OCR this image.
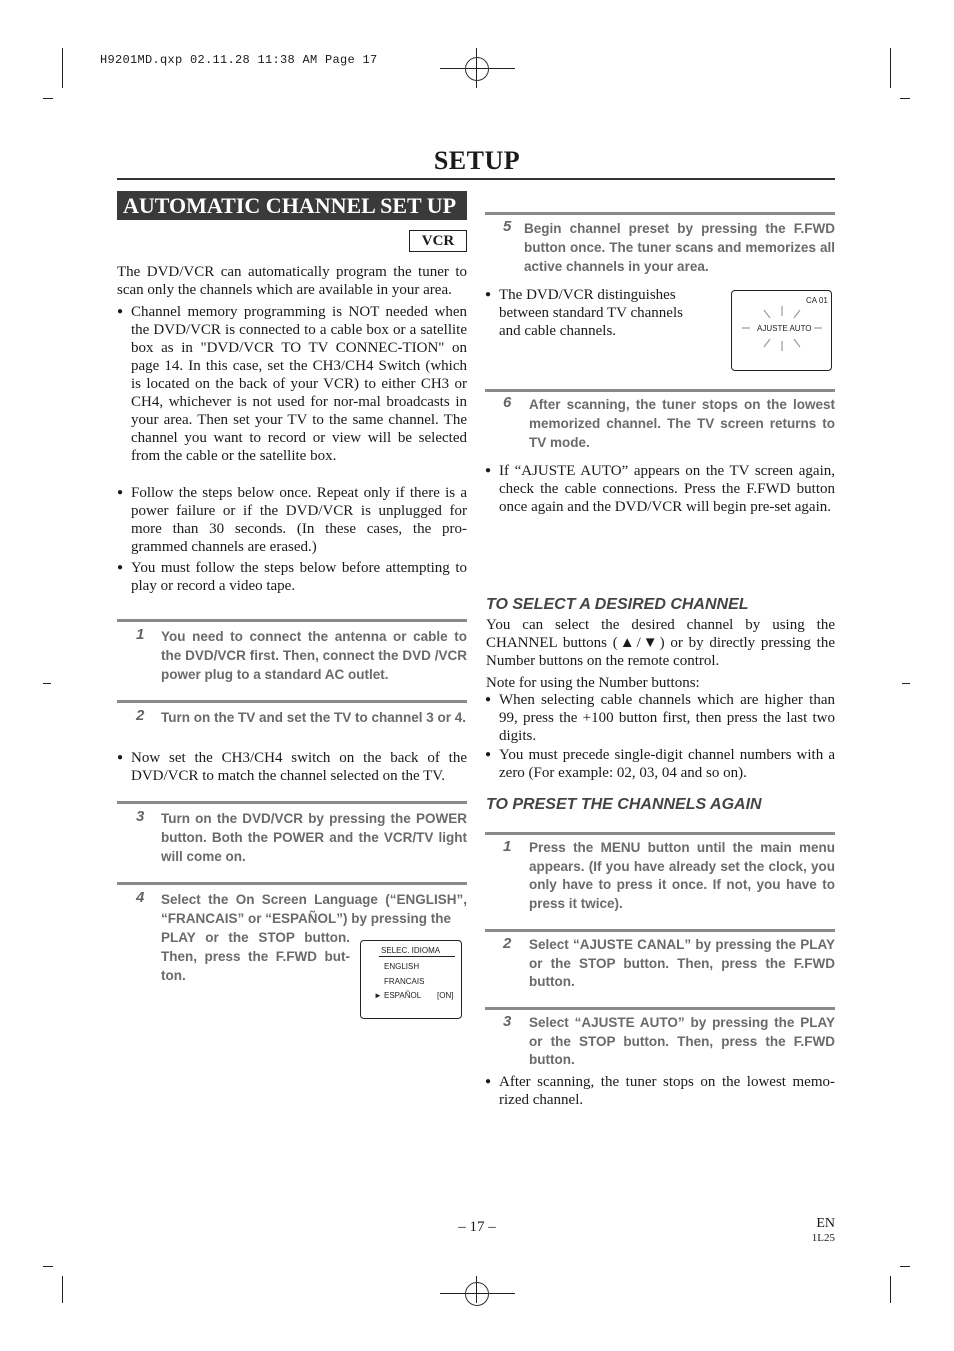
H9201MD.qxp 02.11.28 11:38 AM Page 17
SETUP
AUTOMATIC CHANNEL SET UP
VCR
The DVD/VCR can automatically program the tuner to scan only the channels which are available in your area.
● Channel memory programming is NOT needed when the DVD/VCR is connected to a cable box or a satellite box as in "DVD/VCR TO TV CONNEC-TION" on page 14. In this case, set the CH3/CH4 Switch (which is located on the back of your VCR) to either CH3 or CH4, whichever is not used for nor-mal broadcasts in your area. Then set your TV to the same channel. The channel you want to record or view will be selected from the cable or the satellite box.
● Follow the steps below once. Repeat only if there is a power failure or if the DVD/VCR is unplugged for more than 30 seconds. (In these cases, the pro-grammed channels are erased.)
● You must follow the steps below before attempting to play or record a video tape.
1 You need to connect the antenna or cable to the DVD/VCR first. Then, connect the DVD /VCR power plug to a standard AC outlet.
2 Turn on the TV and set the TV to channel 3 or 4.
● Now set the CH3/CH4 switch on the back of the DVD/VCR to match the channel selected on the TV.
3 Turn on the DVD/VCR by pressing the POWER button. Both the POWER and the VCR/TV light will come on.
4 Select the On Screen Language (“ENGLISH”, “FRANCAIS” or “ESPAÑOL”) by pressing the
PLAY or the STOP button. Then, press the F.FWD but-ton.
SELEC. IDIOMA
ENGLISH
FRANCAIS
► ESPAÑOL [ON]
5 Begin channel preset by pressing the F.FWD button once. The tuner scans and memorizes all active channels in your area.
● The DVD/VCR distinguishes between standard TV channels and cable channels.
CA 01
AJUSTE AUTO
6 After scanning, the tuner stops on the lowest memorized channel. The TV screen returns to TV mode.
● If “AJUSTE AUTO” appears on the TV screen again, check the cable connections. Press the F.FWD button once again and the DVD/VCR will begin pre-set again.
TO SELECT A DESIRED CHANNEL
You can select the desired channel by using the CHANNEL buttons (▲/▼) or by directly pressing the Number buttons on the remote control.
Note for using the Number buttons:
● When selecting cable channels which are higher than 99, press the +100 button first, then press the last two digits.
● You must precede single-digit channel numbers with a zero (For example: 02, 03, 04 and so on).
TO PRESET THE CHANNELS AGAIN
1 Press the MENU button until the main menu appears. (If you have already set the clock, you only have to press it once. If not, you have to press it twice).
2 Select “AJUSTE CANAL” by pressing the PLAY or the STOP button. Then, press the F.FWD button.
3 Select “AJUSTE AUTO” by pressing the PLAY or the STOP button. Then, press the F.FWD button.
● After scanning, the tuner stops on the lowest memo-rized channel.
– 17 –	EN
1L25
